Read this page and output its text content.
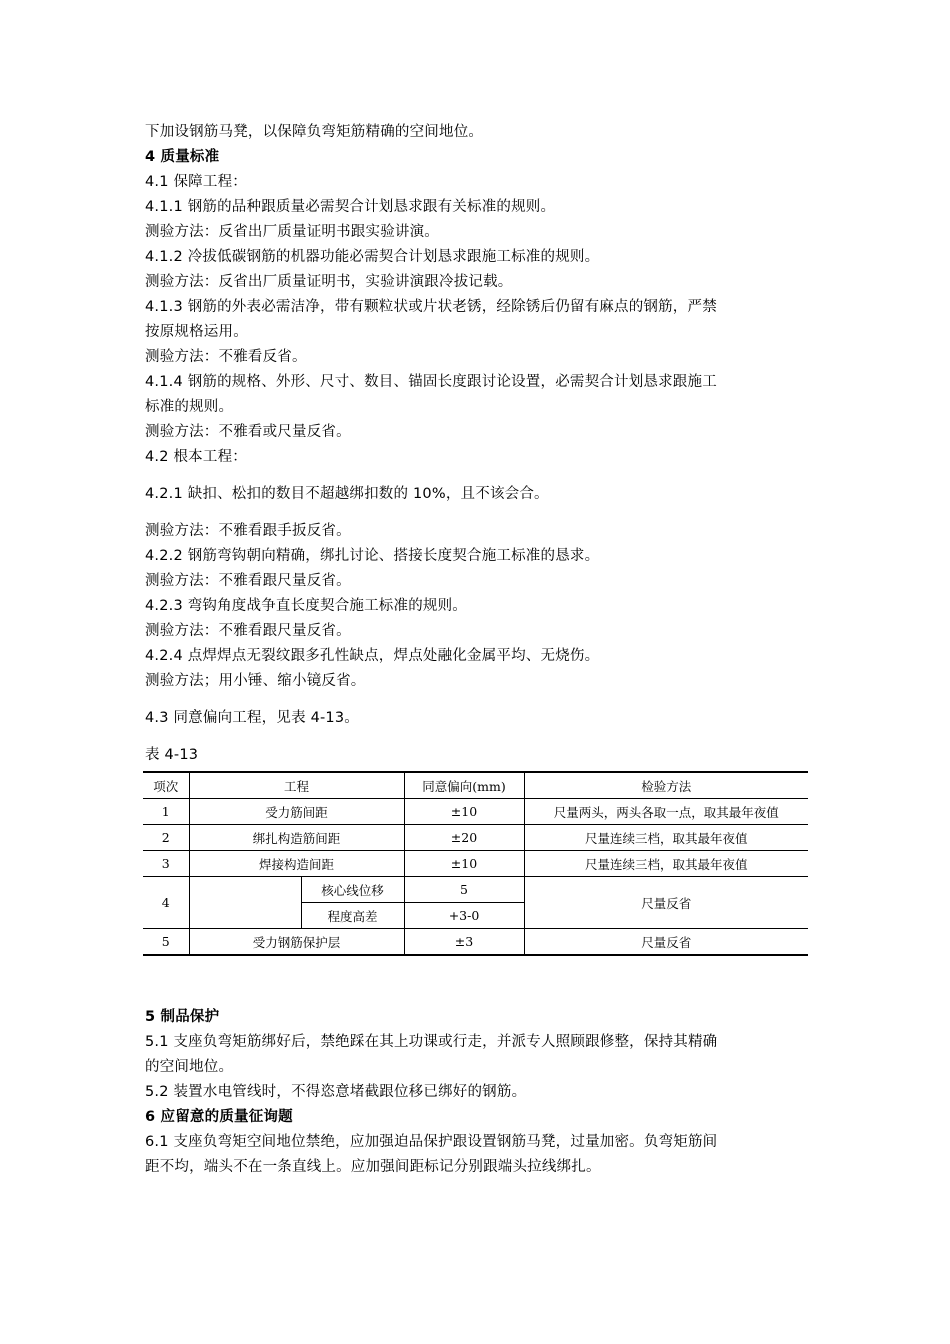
下加设钢筋马凳，以保障负弯矩筋精确的空间地位。
4 质量标准
4.1 保障工程：
4.1.1 钢筋的品种跟质量必需契合计划恳求跟有关标准的规则。
测验方法：反省出厂质量证明书跟实验讲演。
4.1.2 冷拔低碳钢筋的机器功能必需契合计划恳求跟施工标准的规则。
测验方法：反省出厂质量证明书，实验讲演跟冷拔记载。
4.1.3 钢筋的外表必需洁净，带有颗粒状或片状老锈，经除锈后仍留有麻点的钢筋，严禁
按原规格运用。
测验方法：不雅看反省。
4.1.4 钢筋的规格、外形、尺寸、数目、锚固长度跟讨论设置，必需契合计划恳求跟施工
标准的规则。
测验方法：不雅看或尺量反省。
4.2 根本工程：
4.2.1 缺扣、松扣的数目不超越绑扣数的 10%，且不该会合。
测验方法：不雅看跟手扳反省。
4.2.2 钢筋弯钩朝向精确，绑扎讨论、搭接长度契合施工标准的恳求。
测验方法：不雅看跟尺量反省。
4.2.3 弯钩角度战争直长度契合施工标准的规则。
测验方法：不雅看跟尺量反省。
4.2.4 点焊焊点无裂纹跟多孔性缺点，焊点处融化金属平均、无烧伤。
测验方法；用小锤、缩小镜反省。
4.3 同意偏向工程，见表 4-13。
表 4-13
项次	工程		同意偏向(mm)	检验方法
1	受力筋间距		±10	尺量两头，两头各取一点，取其最年夜值
2	绑扎构造筋间距		±20	尺量连续三档，取其最年夜值
3	焊接构造间距		±10	尺量连续三档，取其最年夜值
4		核心线位移	5	尺量反省
		程度高差	+3-0	
5	受力钢筋保护层		±3	尺量反省
5 制品保护
5.1 支座负弯矩筋绑好后，禁绝踩在其上功课或行走，并派专人照顾跟修整，保持其精确
的空间地位。
5.2 装置水电管线时，不得恣意堵截跟位移已绑好的钢筋。
6 应留意的质量征询题
6.1 支座负弯矩空间地位禁绝，应加强迫品保护跟设置钢筋马凳，过量加密。负弯矩筋间
距不均，端头不在一条直线上。应加强间距标记分别跟端头拉线绑扎。
